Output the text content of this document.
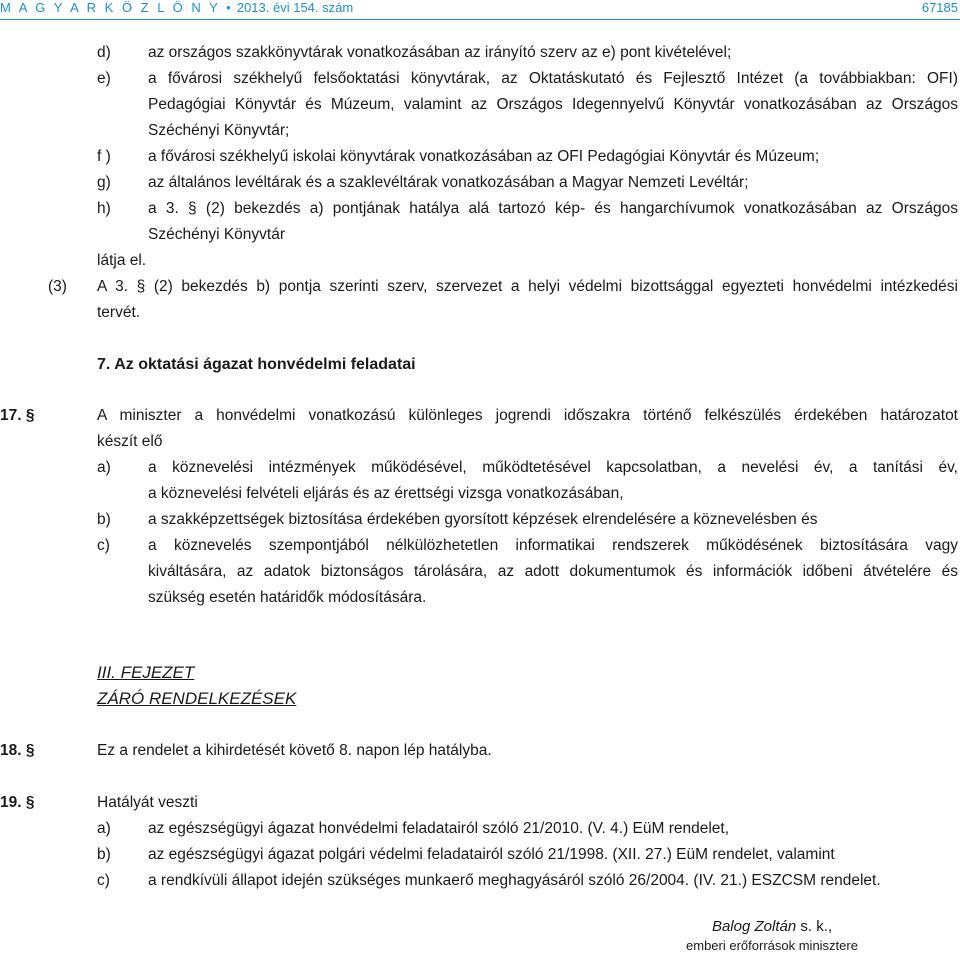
M A G Y A R K Ö Z L Ö N Y • 2013. évi 154. szám	67185
d) az országos szakkönyvtárak vonatkozásában az irányító szerv az e) pont kivételével;
e) a fővárosi székhelyű felsőoktatási könyvtárak, az Oktatáskutató és Fejlesztő Intézet (a továbbiakban: OFI)
Pedagógiai Könyvtár és Múzeum, valamint az Országos Idegennyelvű Könyvtár vonatkozásában az Országos
Széchényi Könyvtár;
f ) a fővárosi székhelyű iskolai könyvtárak vonatkozásában az OFI Pedagógiai Könyvtár és Múzeum;
g) az általános levéltárak és a szaklevéltárak vonatkozásában a Magyar Nemzeti Levéltár;
h) a 3. § (2) bekezdés a) pontjának hatálya alá tartozó kép- és hangarchívumok vonatkozásában az Országos
Széchényi Könyvtár
látja el.
(3) A 3. § (2) bekezdés b) pontja szerinti szerv, szervezet a helyi védelmi bizottsággal egyezteti honvédelmi intézkedési
tervét.
7. Az oktatási ágazat honvédelmi feladatai
17. §	A miniszter a honvédelmi vonatkozású különleges jogrendi időszakra történő felkészülés érdekében határozatot
készít elő
a) a köznevelési intézmények működésével, működtetésével kapcsolatban, a nevelési év, a tanítási év,
a köznevelési felvételi eljárás és az érettségi vizsga vonatkozásában,
b) a szakképzettségek biztosítása érdekében gyorsított képzések elrendelésére a köznevelésben és
c) a köznevelés szempontjából nélkülözhetetlen informatikai rendszerek működésének biztosítására vagy
kiváltására, az adatok biztonságos tárolására, az adott dokumentumok és információk időbeni átvételére és
szükség esetén határidők módosítására.
III. FEJEZET
ZÁRÓ RENDELKEZÉSEK
18. §	Ez a rendelet a kihirdetését követő 8. napon lép hatályba.
19. §	Hatályát veszti
a) az egészségügyi ágazat honvédelmi feladatairól szóló 21/2010. (V. 4.) EüM rendelet,
b) az egészségügyi ágazat polgári védelmi feladatairól szóló 21/1998. (XII. 27.) EüM rendelet, valamint
c) a rendkívüli állapot idején szükséges munkaerő meghagyásáról szóló 26/2004. (IV. 21.) ESZCSM rendelet.
Balog Zoltán s. k.,
emberi erőforrások minisztere
